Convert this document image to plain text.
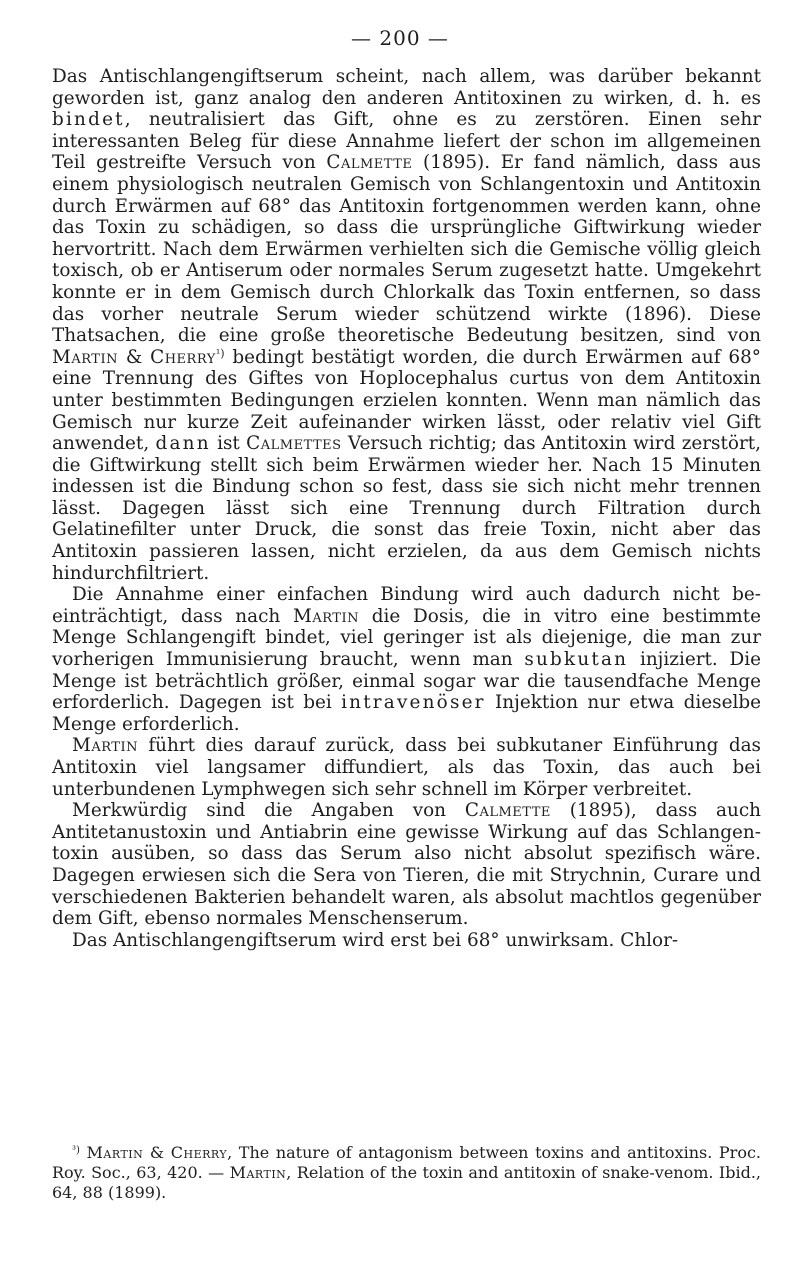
— 200 —

Das Antischlangengiftserum scheint, nach allem, was darüber bekannt geworden ist, ganz analog den anderen Antitoxinen zu wirken, d. h. es bindet, neutralisiert das Gift, ohne es zu zerstören. Einen sehr interessanten Beleg für diese Annahme liefert der schon im allgemeinen Teil gestreifte Versuch von Calmette (1895). Er fand nämlich, dass aus einem physiologisch neutralen Gemisch von Schlangentoxin und Antitoxin durch Erwärmen auf 68° das Antitoxin fortgenommen werden kann, ohne das Toxin zu schädigen, so dass die ursprüngliche Giftwirkung wieder hervortritt. Nach dem Erwärmen verhielten sich die Gemische völlig gleich toxisch, ob er Antiserum oder normales Serum zugesetzt hatte. Umgekehrt konnte er in dem Gemisch durch Chlorkalk das Toxin entfernen, so dass das vorher neutrale Serum wieder schützend wirkte (1896). Diese Thatsachen, die eine große theoretische Bedeutung besitzen, sind von Martin & Cherry$^{^1)}$ bedingt bestätigt worden, die durch Erwärmen auf 68° eine Trennung des Giftes von Hoplocephalus curtus von dem Antitoxin unter bestimmten Bedingungen erzielen konnten. Wenn man nämlich das Gemisch nur kurze Zeit aufeinander wirken lässt, oder relativ viel Gift anwendet, dann ist Calmettes Versuch richtig; das Antitoxin wird zerstört, die Giftwirkung stellt sich beim Erwärmen wieder her. Nach 15 Minuten indessen ist die Bindung schon so fest, dass sie sich nicht mehr trennen lässt. Dagegen lässt sich eine Trennung durch Filtration durch Gelatinefilter unter Druck, die sonst das freie Toxin, nicht aber das Antitoxin passieren lassen, nicht erzielen, da aus dem Gemisch nichts hindurchfiltriert.

Die Annahme einer einfachen Bindung wird auch dadurch nicht beeinträchtigt, dass nach Martin die Dosis, die in vitro eine bestimmte Menge Schlangengift bindet, viel geringer ist als diejenige, die man zur vorherigen Immunisierung braucht, wenn man subkutan injiziert. Die Menge ist beträchtlich größer, einmal sogar war die tausendfache Menge erforderlich. Dagegen ist bei intravenöser Injektion nur etwa dieselbe Menge erforderlich.

Martin führt dies darauf zurück, dass bei subkutaner Einführung das Antitoxin viel langsamer diffundiert, als das Toxin, das auch bei unterbundenen Lymphwegen sich sehr schnell im Körper verbreitet.

Merkwürdig sind die Angaben von Calmette (1895), dass auch Antitetanustoxin und Antiabrin eine gewisse Wirkung auf das Schlangentoxin ausüben, so dass das Serum also nicht absolut spezifisch wäre. Dagegen erwiesen sich die Sera von Tieren, die mit Strychnin, Curare und verschiedenen Bakterien behandelt waren, als absolut machtlos gegenüber dem Gift, ebenso normales Menschenserum.

Das Antischlangengiftserum wird erst bei 68° unwirksam. Chlor-

$^{^3)}$ Martin & Cherry, The nature of antagonism between toxins and antitoxins. Proc. Roy. Soc., 63, 420. — Martin, Relation of the toxin and antitoxin of snake-venom. Ibid., 64, 88 (1899).
